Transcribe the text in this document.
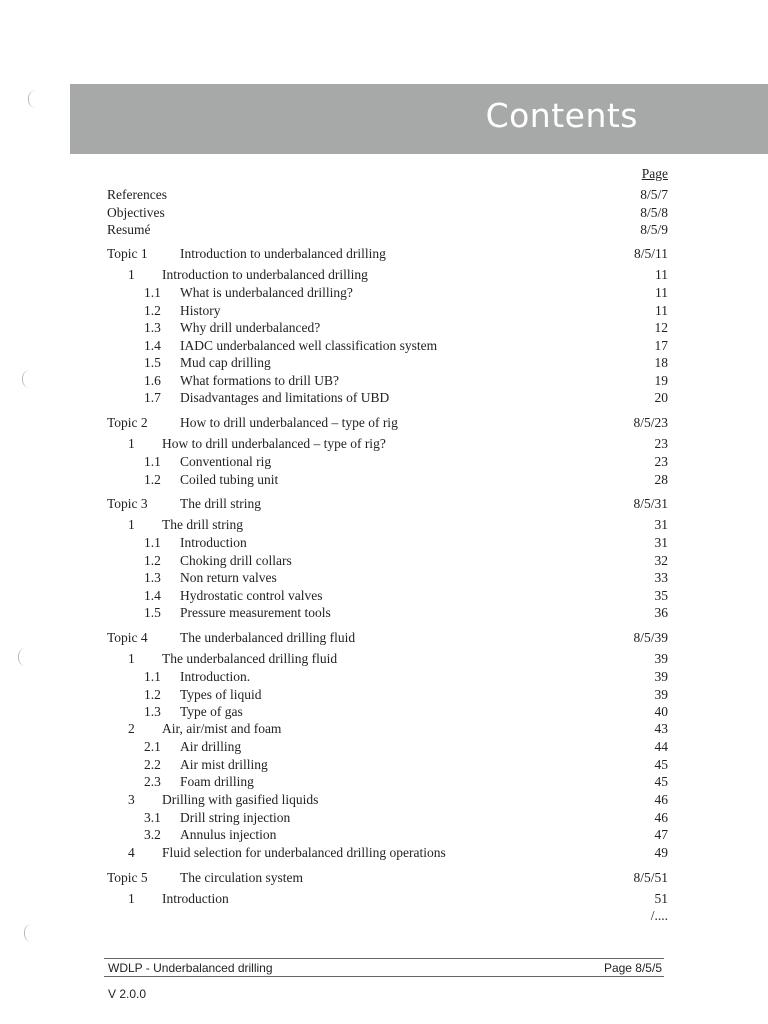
Contents
Page
References	8/5/7
Objectives	8/5/8
Resumé	8/5/9
Topic 1 Introduction to underbalanced drilling	8/5/11
1 Introduction to underbalanced drilling	11
1.1 What is underbalanced drilling?	11
1.2 History	11
1.3 Why drill underbalanced?	12
1.4 IADC underbalanced well classification system	17
1.5 Mud cap drilling	18
1.6 What formations to drill UB?	19
1.7 Disadvantages and limitations of UBD	20
Topic 2 How to drill underbalanced – type of rig	8/5/23
1 How to drill underbalanced – type of rig?	23
1.1 Conventional rig	23
1.2 Coiled tubing unit	28
Topic 3 The drill string	8/5/31
1 The drill string	31
1.1 Introduction	31
1.2 Choking drill collars	32
1.3 Non return valves	33
1.4 Hydrostatic control valves	35
1.5 Pressure measurement tools	36
Topic 4 The underbalanced drilling fluid	8/5/39
1 The underbalanced drilling fluid	39
1.1 Introduction.	39
1.2 Types of liquid	39
1.3 Type of gas	40
2 Air, air/mist and foam	43
2.1 Air drilling	44
2.2 Air mist drilling	45
2.3 Foam drilling	45
3 Drilling with gasified liquids	46
3.1 Drill string injection	46
3.2 Annulus injection	47
4 Fluid selection for underbalanced drilling operations	49
Topic 5 The circulation system	8/5/51
1 Introduction	51
/....
WDLP - Underbalanced drilling	Page 8/5/5
V 2.0.0
